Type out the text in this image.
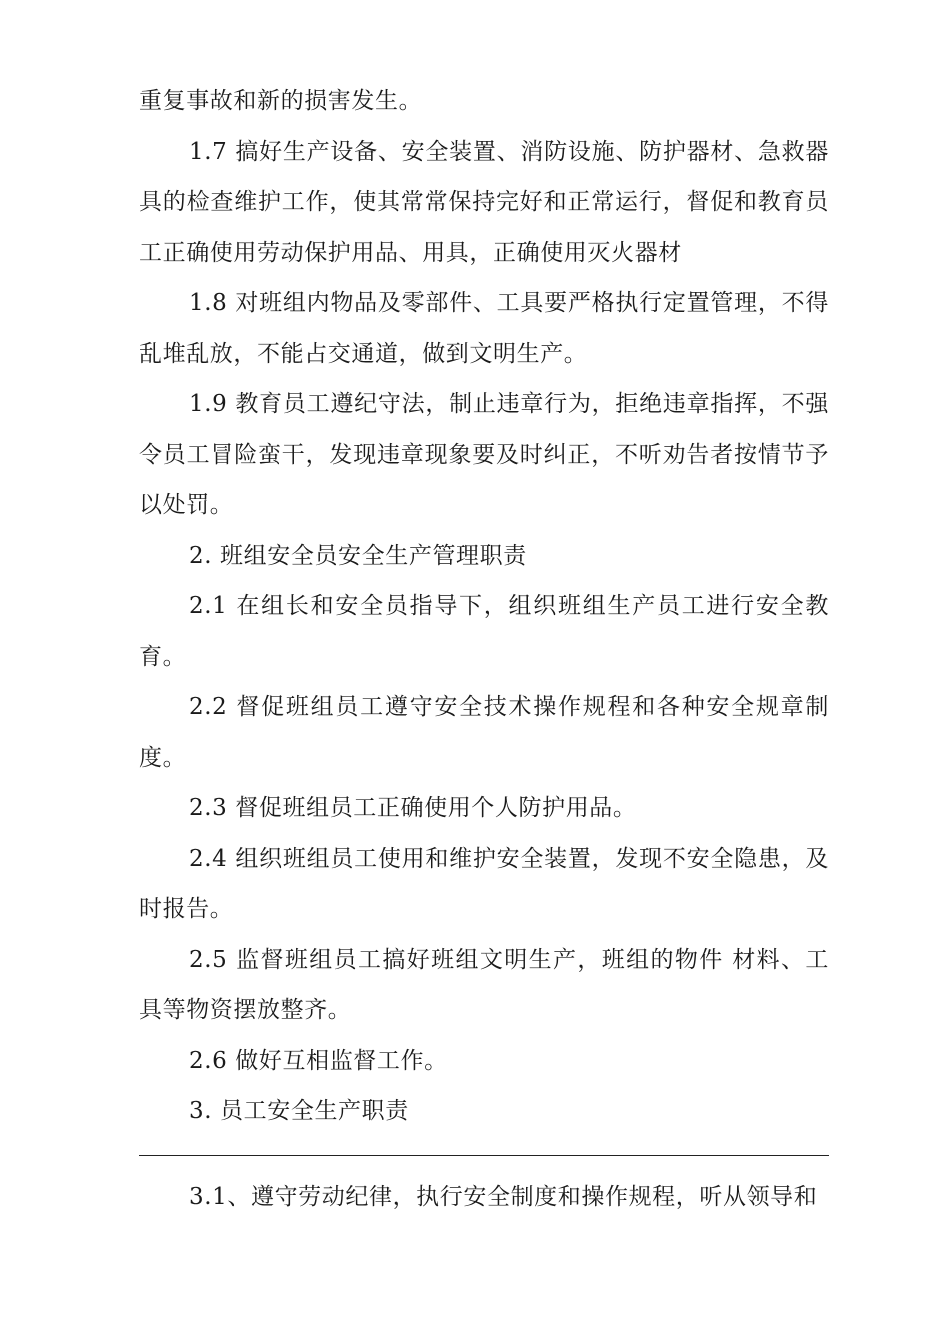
重复事故和新的损害发生。

1.7 搞好生产设备、安全装置、消防设施、防护器材、急救器具的检查维护工作，使其常常保持完好和正常运行，督促和教育员工正确使用劳动保护用品、用具，正确使用灭火器材

1.8 对班组内物品及零部件、工具要严格执行定置管理，不得乱堆乱放，不能占交通道，做到文明生产。

1.9 教育员工遵纪守法，制止违章行为，拒绝违章指挥，不强令员工冒险蛮干，发现违章现象要及时纠正，不听劝告者按情节予以处罚。

2. 班组安全员安全生产管理职责

2.1 在组长和安全员指导下，组织班组生产员工进行安全教育。

2.2 督促班组员工遵守安全技术操作规程和各种安全规章制度。

2.3 督促班组员工正确使用个人防护用品。

2.4 组织班组员工使用和维护安全装置，发现不安全隐患，及时报告。

2.5 监督班组员工搞好班组文明生产，班组的物件 材料、工具等物资摆放整齐。

2.6 做好互相监督工作。

3. 员工安全生产职责

3.1、遵守劳动纪律，执行安全制度和操作规程，听从领导和
